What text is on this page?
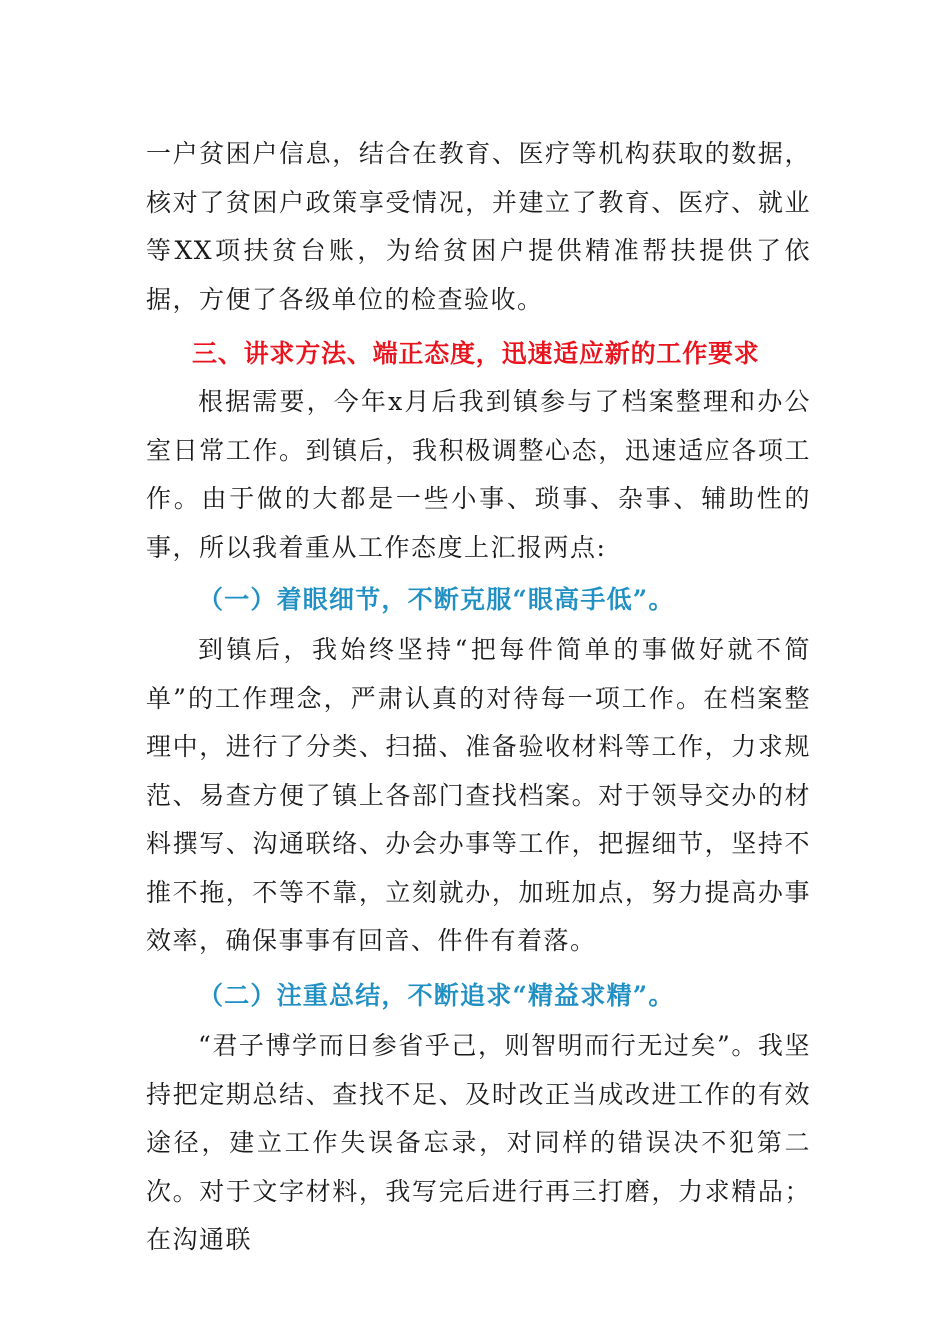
一户贫困户信息，结合在教育、医疗等机构获取的数据，核对了贫困户政策享受情况，并建立了教育、医疗、就业等XX项扶贫台账，为给贫困户提供精准帮扶提供了依据，方便了各级单位的检查验收。

三、讲求方法、端正态度，迅速适应新的工作要求

根据需要，今年x月后我到镇参与了档案整理和办公室日常工作。到镇后，我积极调整心态，迅速适应各项工作。由于做的大都是一些小事、琐事、杂事、辅助性的事，所以我着重从工作态度上汇报两点:

（一）着眼细节，不断克服“眼高手低”。

到镇后，我始终坚持“把每件简单的事做好就不简单”的工作理念，严肃认真的对待每一项工作。在档案整理中，进行了分类、扫描、准备验收材料等工作，力求规范、易查方便了镇上各部门查找档案。对于领导交办的材料撰写、沟通联络、办会办事等工作，把握细节，坚持不推不拖，不等不靠，立刻就办，加班加点，努力提高办事效率，确保事事有回音、件件有着落。

（二）注重总结，不断追求“精益求精”。

“君子博学而日参省乎己，则智明而行无过矣”。我坚持把定期总结、查找不足、及时改正当成改进工作的有效途径，建立工作失误备忘录，对同样的错误决不犯第二次。对于文字材料，我写完后进行再三打磨，力求精品；在沟通联
